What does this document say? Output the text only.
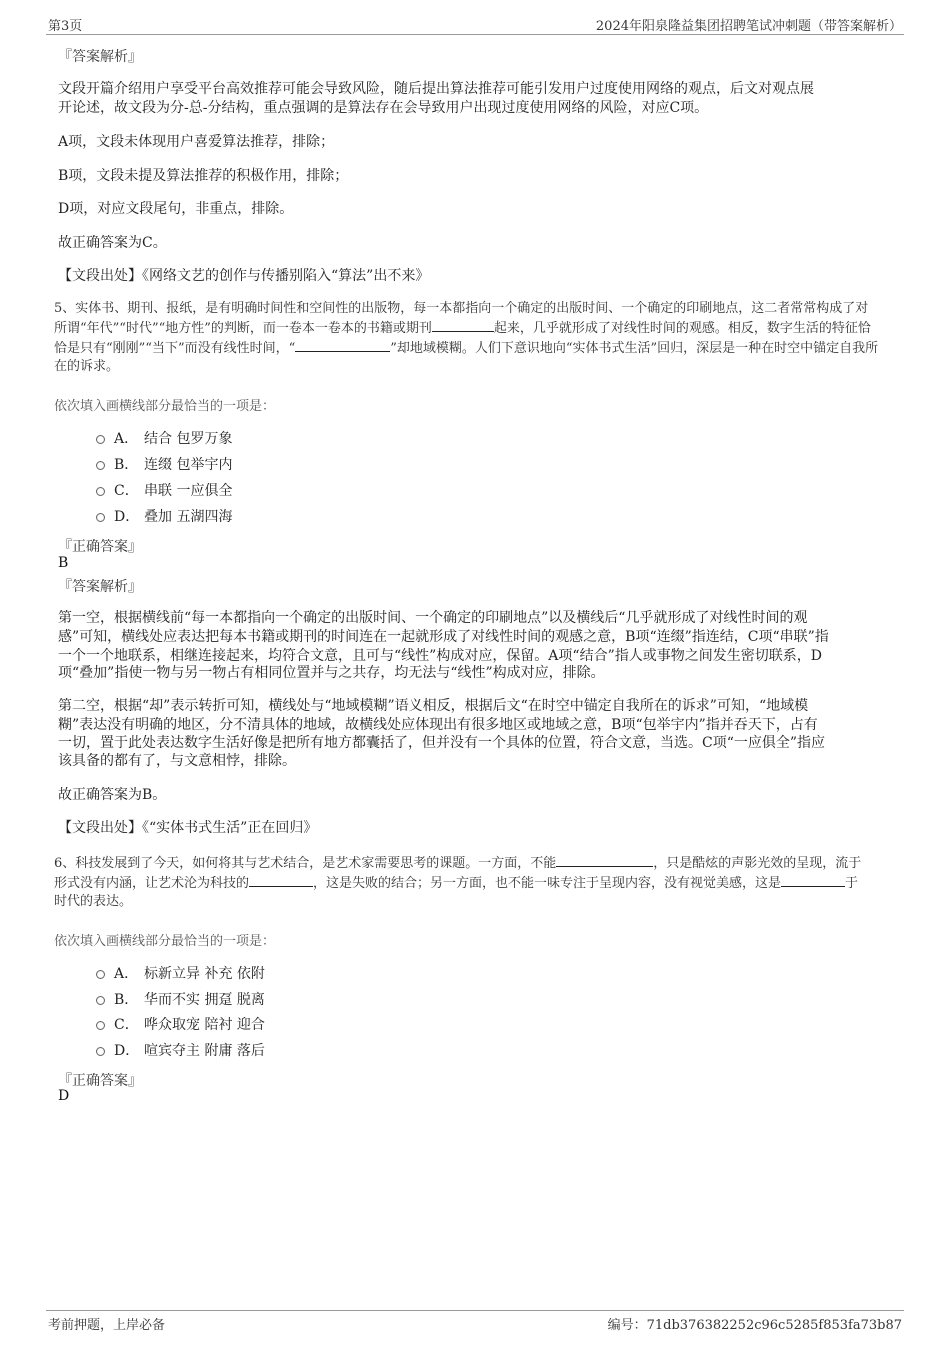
第3页	2024年阳泉隆益集团招聘笔试冲刺题（带答案解析）

『答案解析』

文段开篇介绍用户享受平台高效推荐可能会导致风险，随后提出算法推荐可能引发用户过度使用网络的观点，后文对观点展

开论述，故文段为分-总-分结构，重点强调的是算法存在会导致用户出现过度使用网络的风险，对应C项。

A项，文段未体现用户喜爱算法推荐，排除；

B项，文段未提及算法推荐的积极作用，排除；

D项，对应文段尾句，非重点，排除。

故正确答案为C。

【文段出处】《网络文艺的创作与传播别陷入“算法”出不来》

5、实体书、期刊、报纸，是有明确时间性和空间性的出版物，每一本都指向一个确定的出版时间、一个确定的印刷地点，这二者常常构成了对

所谓“年代”“时代”“地方性”的判断，而一卷本一卷本的书籍或期刊	起来，几乎就形成了对线性时间的观感。相反，数字生活的特征恰

恰是只有“刚刚”“当下”而没有线性时间，“	”却地域模糊。人们下意识地向“实体书式生活”回归，深层是一种在时空中锚定自我所

在的诉求。

依次填入画横线部分最恰当的一项是：

A． 结合 包罗万象
B． 连缀 包举宇内
C． 串联 一应俱全
D． 叠加 五湖四海

『正确答案』

B

『答案解析』

第一空，根据横线前“每一本都指向一个确定的出版时间、一个确定的印刷地点”以及横线后“几乎就形成了对线性时间的观

感”可知，横线处应表达把每本书籍或期刊的时间连在一起就形成了对线性时间的观感之意，B项“连缀”指连结，C项“串联”指

一个一个地联系，相继连接起来，均符合文意，且可与“线性”构成对应，保留。A项“结合”指人或事物之间发生密切联系，D

项“叠加”指使一物与另一物占有相同位置并与之共存，均无法与“线性”构成对应，排除。

第二空，根据“却”表示转折可知，横线处与“地域模糊”语义相反，根据后文“在时空中锚定自我所在的诉求”可知，“地域模

糊”表达没有明确的地区，分不清具体的地域，故横线处应体现出有很多地区或地域之意，B项“包举宇内”指并吞天下，占有

一切，置于此处表达数字生活好像是把所有地方都囊括了，但并没有一个具体的位置，符合文意，当选。C项“一应俱全”指应

该具备的都有了，与文意相悖，排除。

故正确答案为B。

【文段出处】《“实体书式生活”正在回归》

6、科技发展到了今天，如何将其与艺术结合，是艺术家需要思考的课题。一方面，不能	，只是酷炫的声影光效的呈现，流于

形式没有内涵，让艺术沦为科技的	，这是失败的结合；另一方面，也不能一味专注于呈现内容，没有视觉美感，这是	于

时代的表达。

依次填入画横线部分最恰当的一项是：

A． 标新立异 补充 依附
B． 华而不实 拥趸 脱离
C． 哗众取宠 陪衬 迎合
D． 喧宾夺主 附庸 落后

『正确答案』

D

考前押题，上岸必备	编号：71db376382252c96c5285f853fa73b87
